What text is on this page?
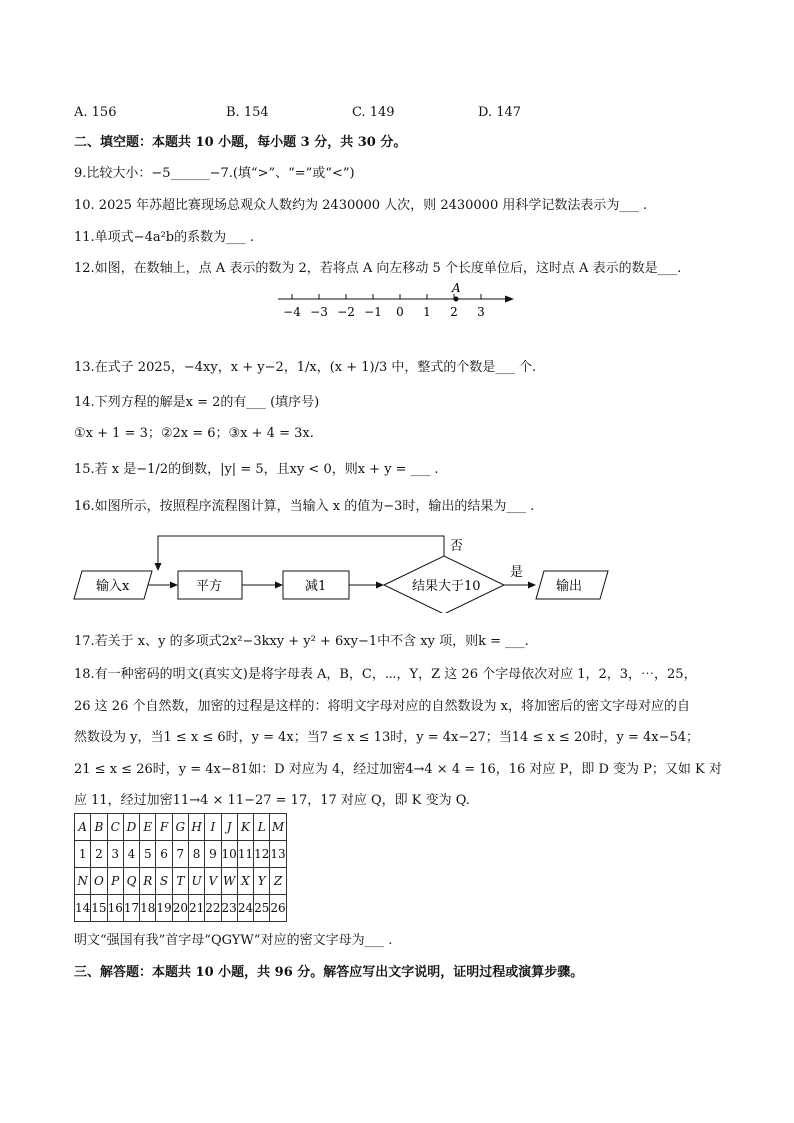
A. 156	B. 154	C. 149	D. 147
二、填空题：本题共 10 小题，每小题 3 分，共 30 分。
9.比较大小：−5______−7.(填“>”、“=”或“<”)
10. 2025 年苏超比赛现场总观众人数约为 2430000 人次，则 2430000 用科学记数法表示为___ .
11.单项式−4a²b的系数为___ .
12.如图，在数轴上，点 A 表示的数为 2，若将点 A 向左移动 5 个长度单位后，这时点 A 表示的数是___.
−4 −3 −2 −1 0 1 2 3
A
13.在式子 2025，−4xy，x + y−2，1/x，(x + 1)/3 中，整式的个数是___ 个.
14.下列方程的解是x = 2的有___ (填序号)
①x + 1 = 3；②2x = 6；③x + 4 = 3x.
15.若 x 是−1/2的倒数，|y| = 5，且xy < 0，则x + y = ___ .
16.如图所示，按照程序流程图计算，当输入 x 的值为−3时，输出的结果为___ .
输入x	平方	减1	结果大于10
否
是
输出
17.若关于 x、y 的多项式2x²−3kxy + y² + 6xy−1中不含 xy 项，则k = ___.
18.有一种密码的明文(真实文)是将字母表 A，B，C，⋯，Y，Z 这 26 个字母依次对应 1，2，3，⋯，25，
26 这 26 个自然数，加密的过程是这样的：将明文字母对应的自然数设为 x，将加密后的密文字母对应的自
然数设为 y，当1 ≤ x ≤ 6时，y = 4x；当7 ≤ x ≤ 13时，y = 4x−27；当14 ≤ x ≤ 20时，y = 4x−54；
21 ≤ x ≤ 26时，y = 4x−81如：D 对应为 4，经过加密4→4 × 4 = 16，16 对应 P，即 D 变为 P；又如 K 对
应 11，经过加密11→4 × 11−27 = 17，17 对应 Q，即 K 变为 Q.
A	B	C	D	E	F	G	H	I	J	K	L	M
1	2	3	4	5	6	7	8	9	10	11	12	13
N	O	P	Q	R	S	T	U	V	W	X	Y	Z
14	15	16	17	18	19	20	21	22	23	24	25	26
明文“强国有我”首字母“QGYW”对应的密文字母为___ .
三、解答题：本题共 10 小题，共 96 分。解答应写出文字说明，证明过程或演算步骤。
